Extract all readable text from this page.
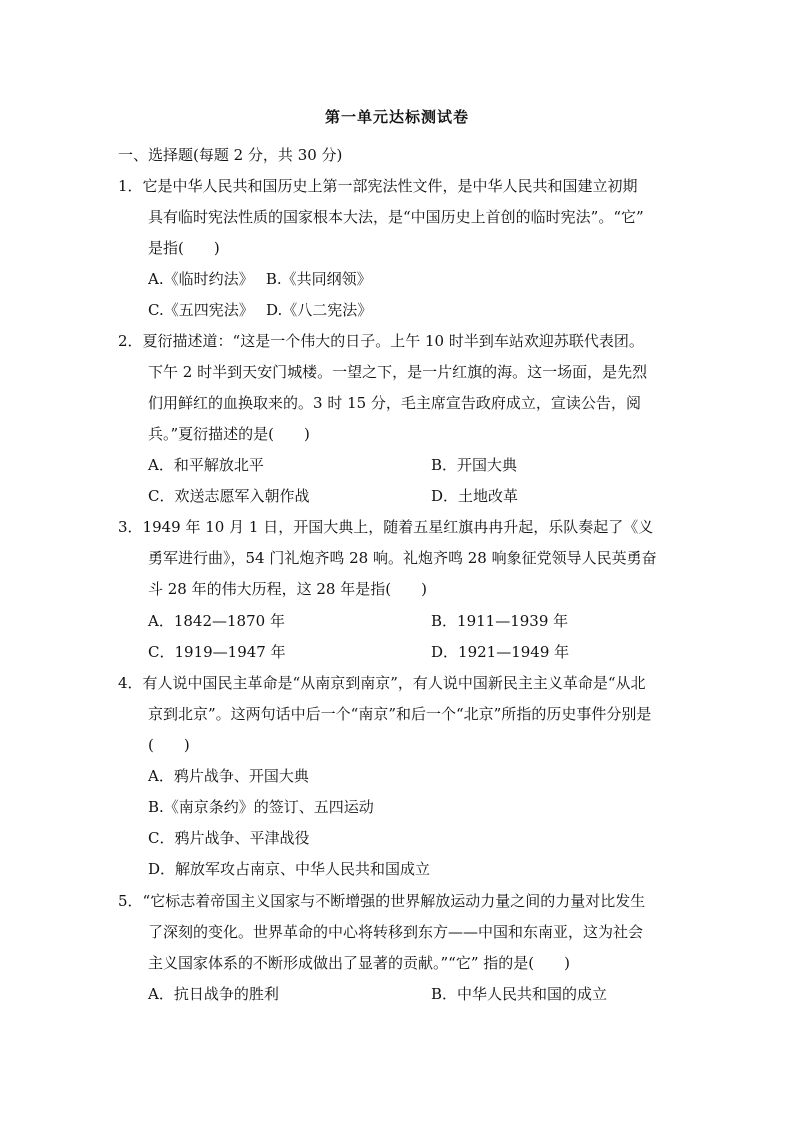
第一单元达标测试卷
一、选择题(每题 2 分，共 30 分)
1．它是中华人民共和国历史上第一部宪法性文件，是中华人民共和国建立初期
具有临时宪法性质的国家根本大法，是“中国历史上首创的临时宪法”。“它”
是指(　　)
A.《临时约法》　 B.《共同纲领》
C.《五四宪法》　 D.《八二宪法》
2．夏衍描述道：“这是一个伟大的日子。上午 10 时半到车站欢迎苏联代表团。
下午 2 时半到天安门城楼。一望之下，是一片红旗的海。这一场面，是先烈
们用鲜红的血换取来的。3 时 15 分，毛主席宣告政府成立，宣读公告，阅
兵。”夏衍描述的是(　　)
A．和平解放北平	B．开国大典
C．欢送志愿军入朝作战	D．土地改革
3．1949 年 10 月 1 日，开国大典上，随着五星红旗冉冉升起，乐队奏起了《义
勇军进行曲》，54 门礼炮齐鸣 28 响。礼炮齐鸣 28 响象征党领导人民英勇奋
斗 28 年的伟大历程，这 28 年是指(　　)
A．1842—1870 年	B．1911—1939 年
C．1919—1947 年	D．1921—1949 年
4．有人说中国民主革命是“从南京到南京”，有人说中国新民主主义革命是“从北
京到北京”。这两句话中后一个“南京”和后一个“北京”所指的历史事件分别是
(　　)
A．鸦片战争、开国大典
B.《南京条约》的签订、五四运动
C．鸦片战争、平津战役
D．解放军攻占南京、中华人民共和国成立
5．“它标志着帝国主义国家与不断增强的世界解放运动力量之间的力量对比发生
了深刻的变化。世界革命的中心将转移到东方——中国和东南亚，这为社会
主义国家体系的不断形成做出了显著的贡献。”“它” 指的是(　　)
A．抗日战争的胜利	B．中华人民共和国的成立
